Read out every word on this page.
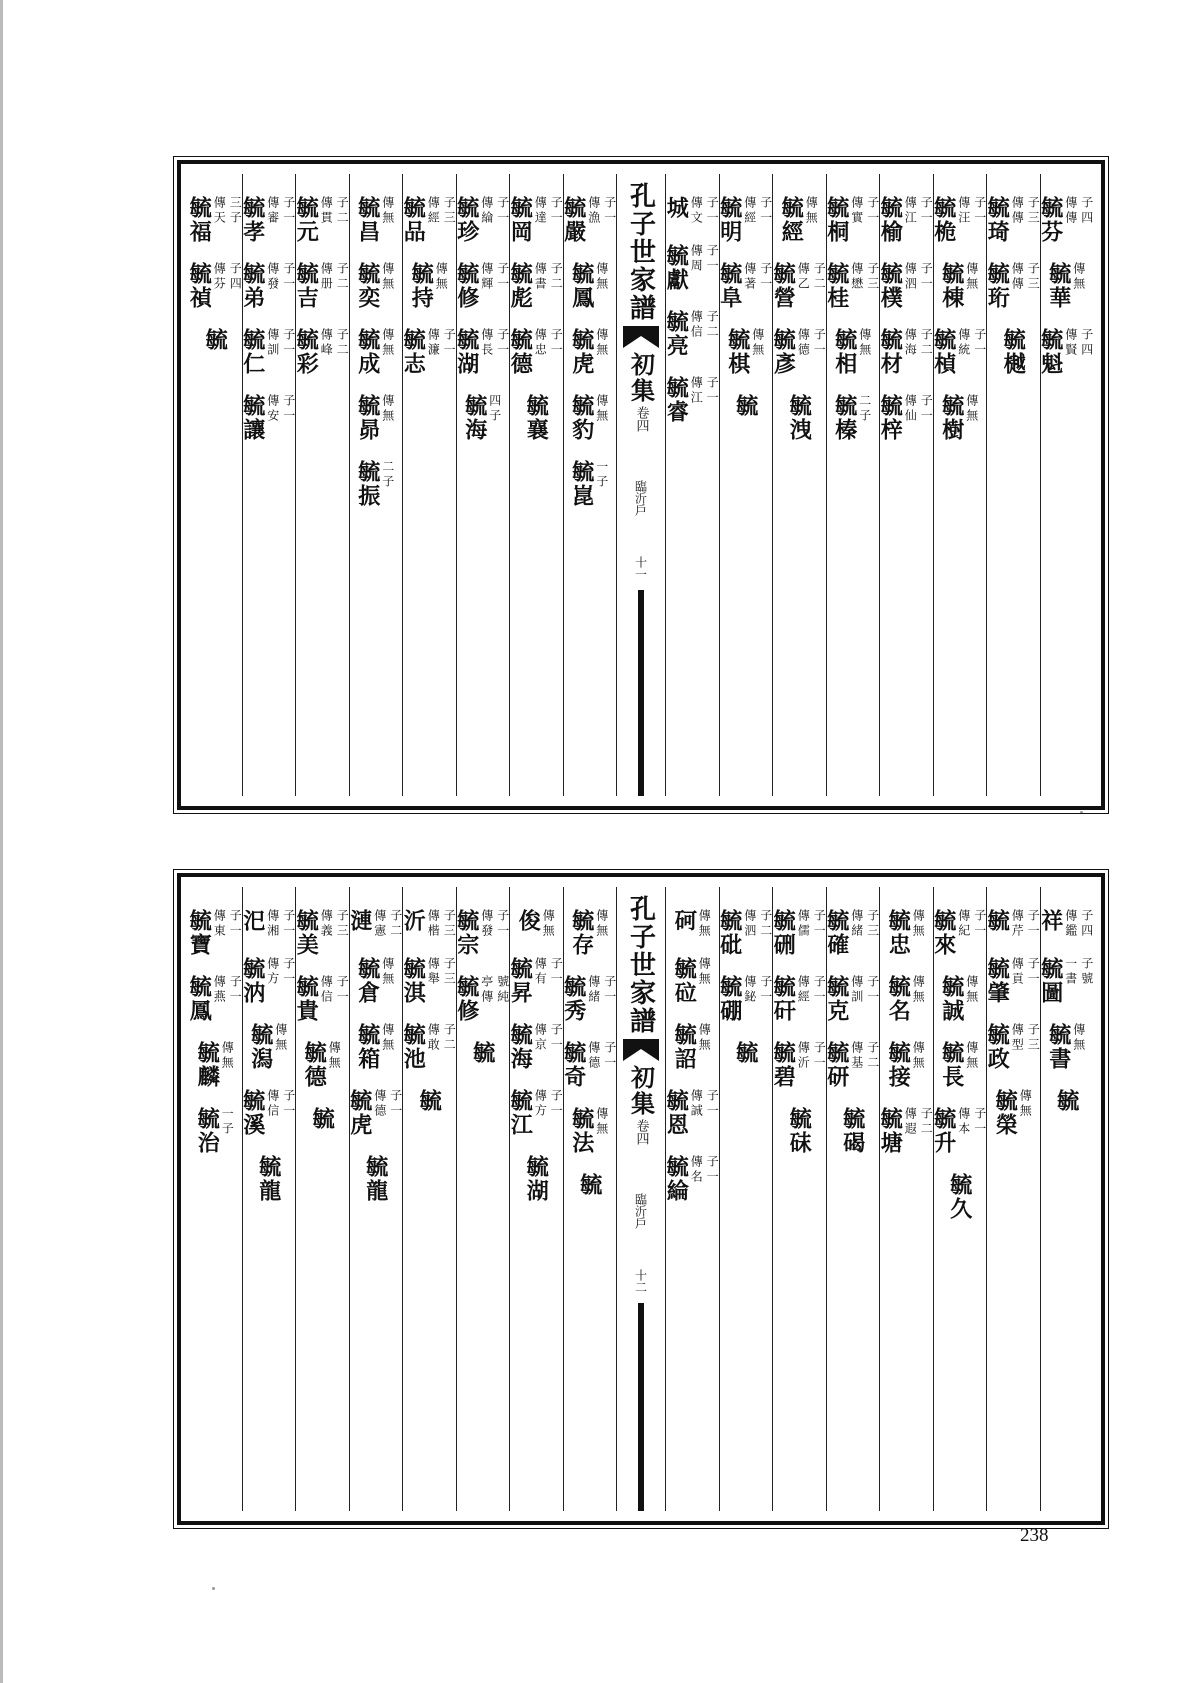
毓芬 子四
傳傳
毓華 傳無
毓魁 子四
傳賢
毓琦 子三
傳傳
毓珩 子三
傳傳
毓樾
毓桅 子一
傳汪
毓棟 傳無
毓楨 子一
傳統
毓樹 傳無
毓榆 子一
傳江
毓樸 子一
傳泗
毓材 子二
傳海
毓梓 子一
傳仙
毓桐 子一
傳實
毓桂 子三
傳懋
毓相 傳無
毓榛 二子
毓經 傳無
毓營 子二
傳乙
毓彥 子一
傳德
毓洩
毓明 子一
傳經
毓阜 子一
傳著
毓棋 傳無
毓
城 子一
傳文
毓獻 子一
傳周
毓亮 子二
傳信
毓睿 子一
傳江
孔子世家譜
初集
卷四
臨沂戶
十一
毓嚴 子一
傳漁
毓鳳 傳無
毓虎 傳無
毓豹 傳無
毓崑 一子
毓岡 子一
傳達
毓彪 子二
傳書
毓德 子一
傳忠
毓襄
毓珍 子一
傳綸
毓修 子一
傳輝
毓湖 子一
傳長
毓海 四子
毓品 子三
傳經
毓持 傳無
毓志 子一
傳濂
毓昌 傳無
毓奕 傳無
毓成 傳無
毓昴 傳無
毓振 二子
毓元 子二
傳貫
毓吉 子二
傳册
毓彩 子二
傳峰
毓孝 子一
傳審
毓弟 子一
傳發
毓仁 子一
傳訓
毓讓 子一
傳安
毓福 三子
傳天
毓禎 子四
傳芬
毓
祥 子四
傳鑑
毓圖 子號
一書
毓書 傳無
毓
毓 子一
傳芹
毓肇 子一
傳貢
毓政 子三
傳型
毓榮 傳無
毓來 子一
傳紀
毓誠 傳無
毓長 傳無
毓升 子一
傳本
毓久
毓忠 傳無
毓名 傳無
毓接 傳無
毓塘 子二
傳遐
毓確 子三
傳緒
毓克 子一
傳訓
毓研 子二
傳基
毓碣
毓硎 子一
傳儒
毓矸 子一
傳經
毓碧 子一
傳沂
毓砞
毓砒 子二
傳泗
毓硼 子一
傳鉍
毓
砢 傳無
毓砬 傳無
毓詔 傳無
毓恩 子一
傳誠
毓綸 子一
傳名
孔子世家譜
初集
卷四
臨沂戶
十二
毓存 傳無
毓秀 子一
傳緒
毓奇 子一
傳德
毓法 傳無
毓
俊 傳無
毓昇 子一
傳有
毓海 子一
傳京
毓江 子一
傳方
毓湖
毓宗 子一
傳發
毓修 號純
亭傳
毓
沂 子三
傳楷
毓淇 子三
傳舉
毓池 子二
傳敢
毓
漣 子二
傳憲
毓倉 傳無
毓箱 傳無
毓虎 子一
傳德
毓龍
毓美 子三
傳義
毓貴 子一
傳信
毓德 傳無
毓
汜 子一
傳湘
毓汭 子一
傳方
毓潟 傳無
毓溪 子一
傳信
毓龍
毓寶 子一
傳東
毓鳳 子一
傳燕
毓麟 傳無
毓治 一子
238
